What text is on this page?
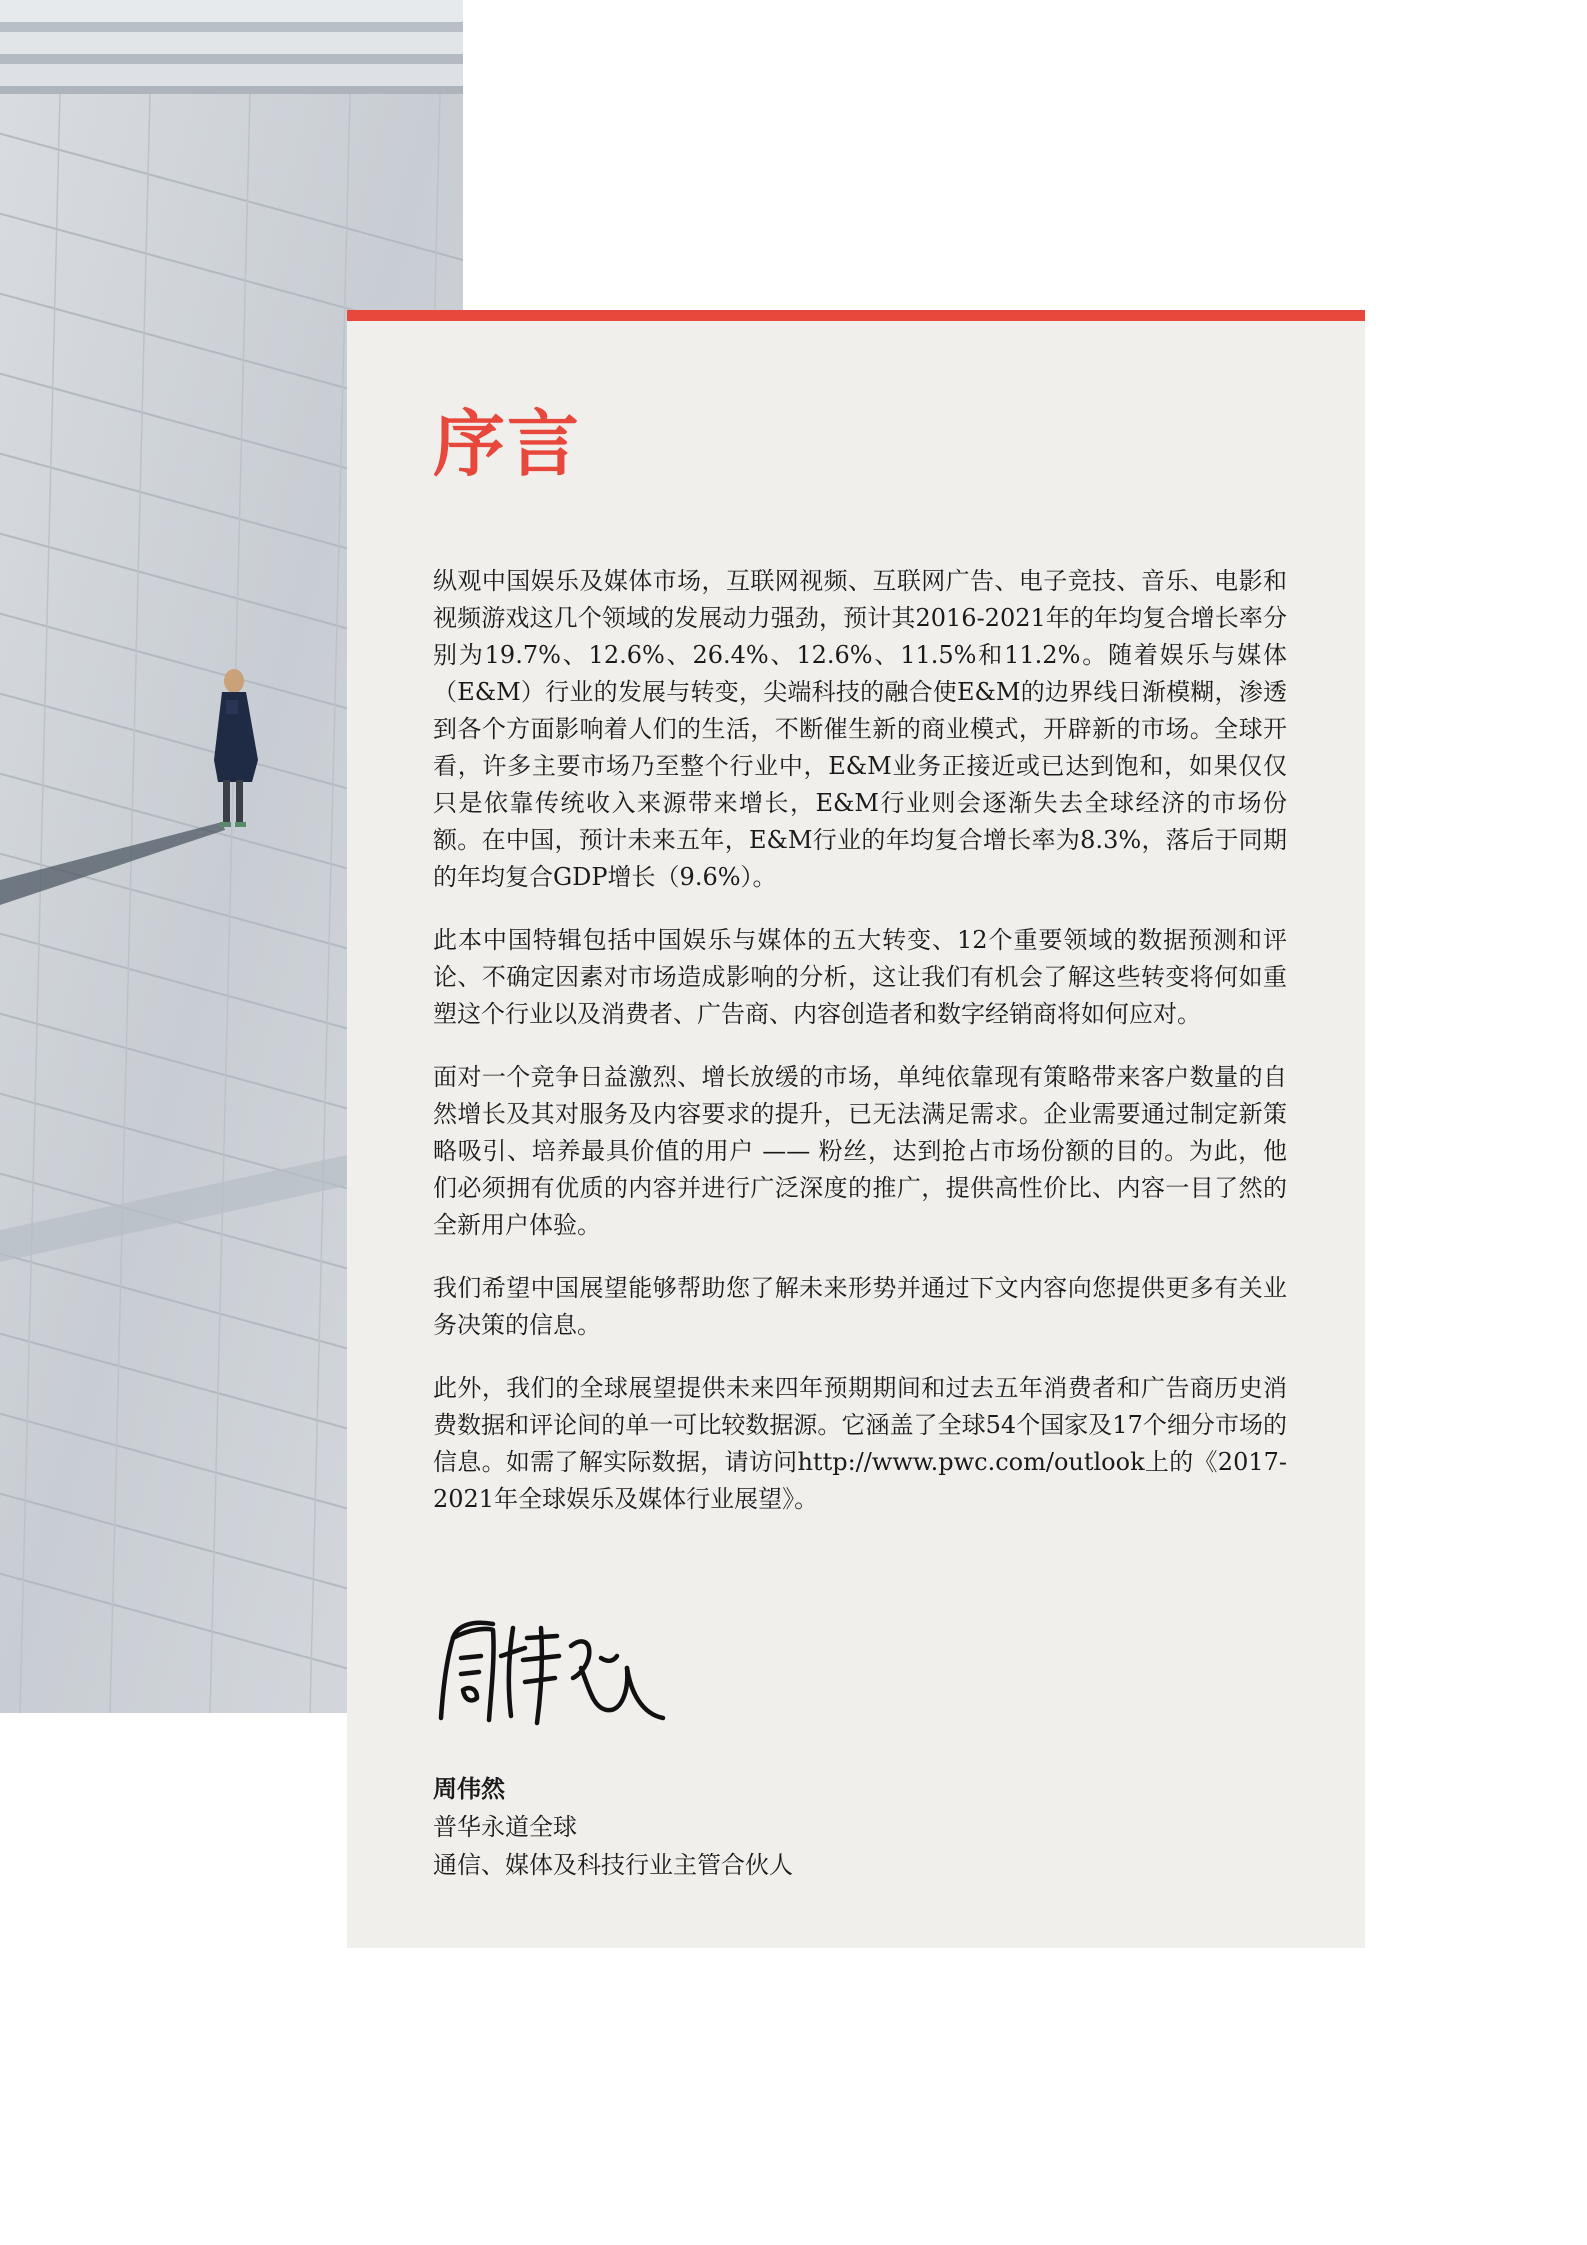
序言

纵观中国娱乐及媒体市场，互联网视频、互联网广告、电子竞技、音乐、电影和视频游戏这几个领域的发展动力强劲，预计其2016-2021年的年均复合增长率分别为19.7%、12.6%、26.4%、12.6%、11.5%和11.2%。随着娱乐与媒体（E&M）行业的发展与转变，尖端科技的融合使E&M的边界线日渐模糊，渗透到各个方面影响着人们的生活，不断催生新的商业模式，开辟新的市场。全球开看，许多主要市场乃至整个行业中，E&M业务正接近或已达到饱和，如果仅仅只是依靠传统收入来源带来增长，E&M行业则会逐渐失去全球经济的市场份额。在中国，预计未来五年，E&M行业的年均复合增长率为8.3%，落后于同期的年均复合GDP增长（9.6%）。

此本中国特辑包括中国娱乐与媒体的五大转变、12个重要领域的数据预测和评论、不确定因素对市场造成影响的分析，这让我们有机会了解这些转变将何如重塑这个行业以及消费者、广告商、内容创造者和数字经销商将如何应对。

面对一个竞争日益激烈、增长放缓的市场，单纯依靠现有策略带来客户数量的自然增长及其对服务及内容要求的提升，已无法满足需求。企业需要通过制定新策略吸引、培养最具价值的用户 —— 粉丝，达到抢占市场份额的目的。为此，他们必须拥有优质的内容并进行广泛深度的推广，提供高性价比、内容一目了然的全新用户体验。

我们希望中国展望能够帮助您了解未来形势并通过下文内容向您提供更多有关业务决策的信息。

此外，我们的全球展望提供未来四年预期期间和过去五年消费者和广告商历史消费数据和评论间的单一可比较数据源。它涵盖了全球54个国家及17个细分市场的信息。如需了解实际数据，请访问http://www.pwc.com/outlook上的《2017-2021年全球娱乐及媒体行业展望》。

周伟然
普华永道全球
通信、媒体及科技行业主管合伙人
